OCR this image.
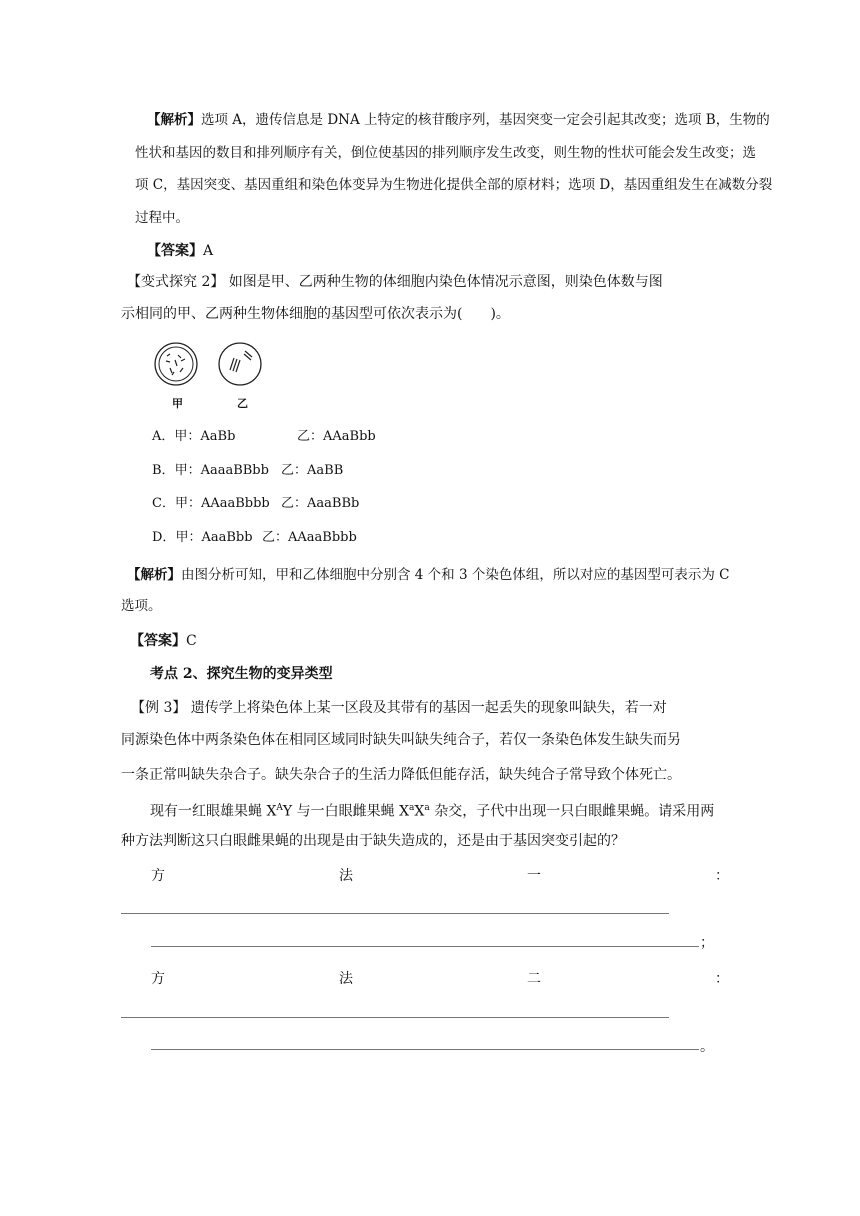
【解析】选项 A，遗传信息是 DNA 上特定的核苷酸序列，基因突变一定会引起其改变；选项 B，生物的
性状和基因的数目和排列顺序有关，倒位使基因的排列顺序发生改变，则生物的性状可能会发生改变；选
项 C，基因突变、基因重组和染色体变异为生物进化提供全部的原材料；选项 D，基因重组发生在减数分裂
过程中。
【答案】A
【变式探究 2】 如图是甲、乙两种生物的体细胞内染色体情况示意图，则染色体数与图
示相同的甲、乙两种生物体细胞的基因型可依次表示为(　　)。
甲	乙
A．甲：AaBb	乙：AAaBbb
B．甲：AaaaBBbb 乙：AaBB
C．甲：AAaaBbbb 乙：AaaBBb
D．甲：AaaBbb 乙：AAaaBbbb
【解析】由图分析可知，甲和乙体细胞中分别含 4 个和 3 个染色体组，所以对应的基因型可表示为 C
选项。
【答案】C
考点 2、探究生物的变异类型
【例 3】 遗传学上将染色体上某一区段及其带有的基因一起丢失的现象叫缺失，若一对
同源染色体中两条染色体在相同区域同时缺失叫缺失纯合子，若仅一条染色体发生缺失而另
一条正常叫缺失杂合子。缺失杂合子的生活力降低但能存活，缺失纯合子常导致个体死亡。
现有一红眼雄果蝇 $X^AY$ 与一白眼雌果蝇 $X^aX^a$ 杂交，子代中出现一只白眼雌果蝇。请采用两
种方法判断这只白眼雌果蝇的出现是由于缺失造成的，还是由于基因突变引起的？
方	法	一	：
；
方	法	二	：
。
